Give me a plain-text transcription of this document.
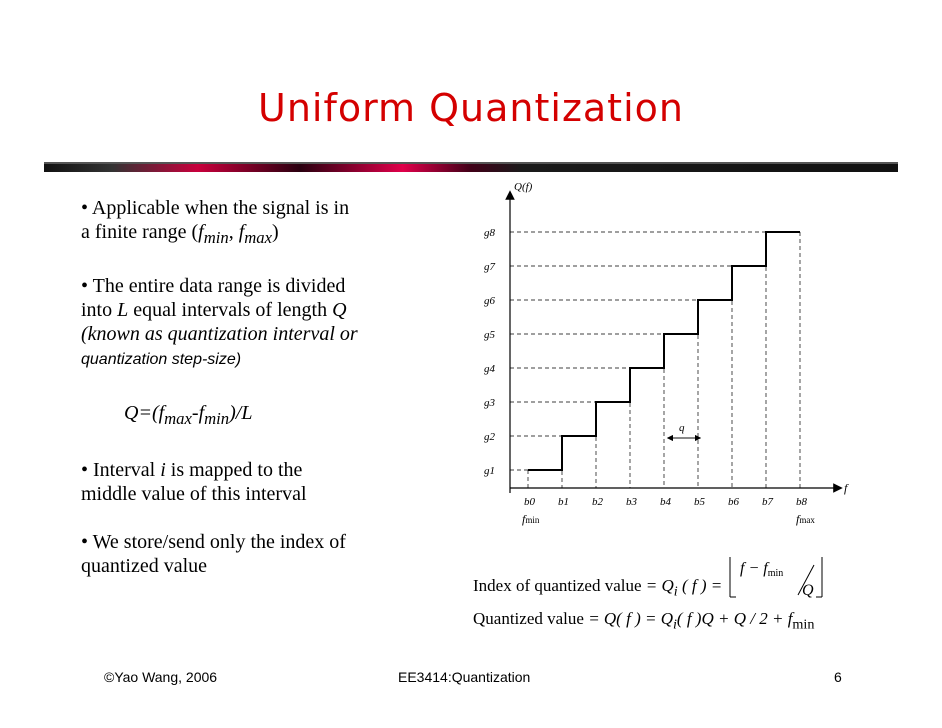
Uniform Quantization

• Applicable when the signal is in
a finite range ($f_{min}$, $f_{max}$)

• The entire data range is divided
into L equal intervals of length Q
(known as quantization interval or
quantization step-size)

$Q=(f_{max}-f_{min})/L$

• Interval i is mapped to the
middle value of this interval

• We store/send only the index of
quantized value

Q(f)
f
g1
g2
g3
g4
g5
g6
g7
g8
b0 b1 b2 b3 b4 b5 b6 b7 b8
q
fmin	fmax
Index of quantized value = $Q_i$ ( f ) =
f − fmin
Q
Quantized value = Q( f ) = $Q_i$( f )$Q + Q / 2 + f_{min}$
©Yao Wang, 2006	EE3414:Quantization	6
